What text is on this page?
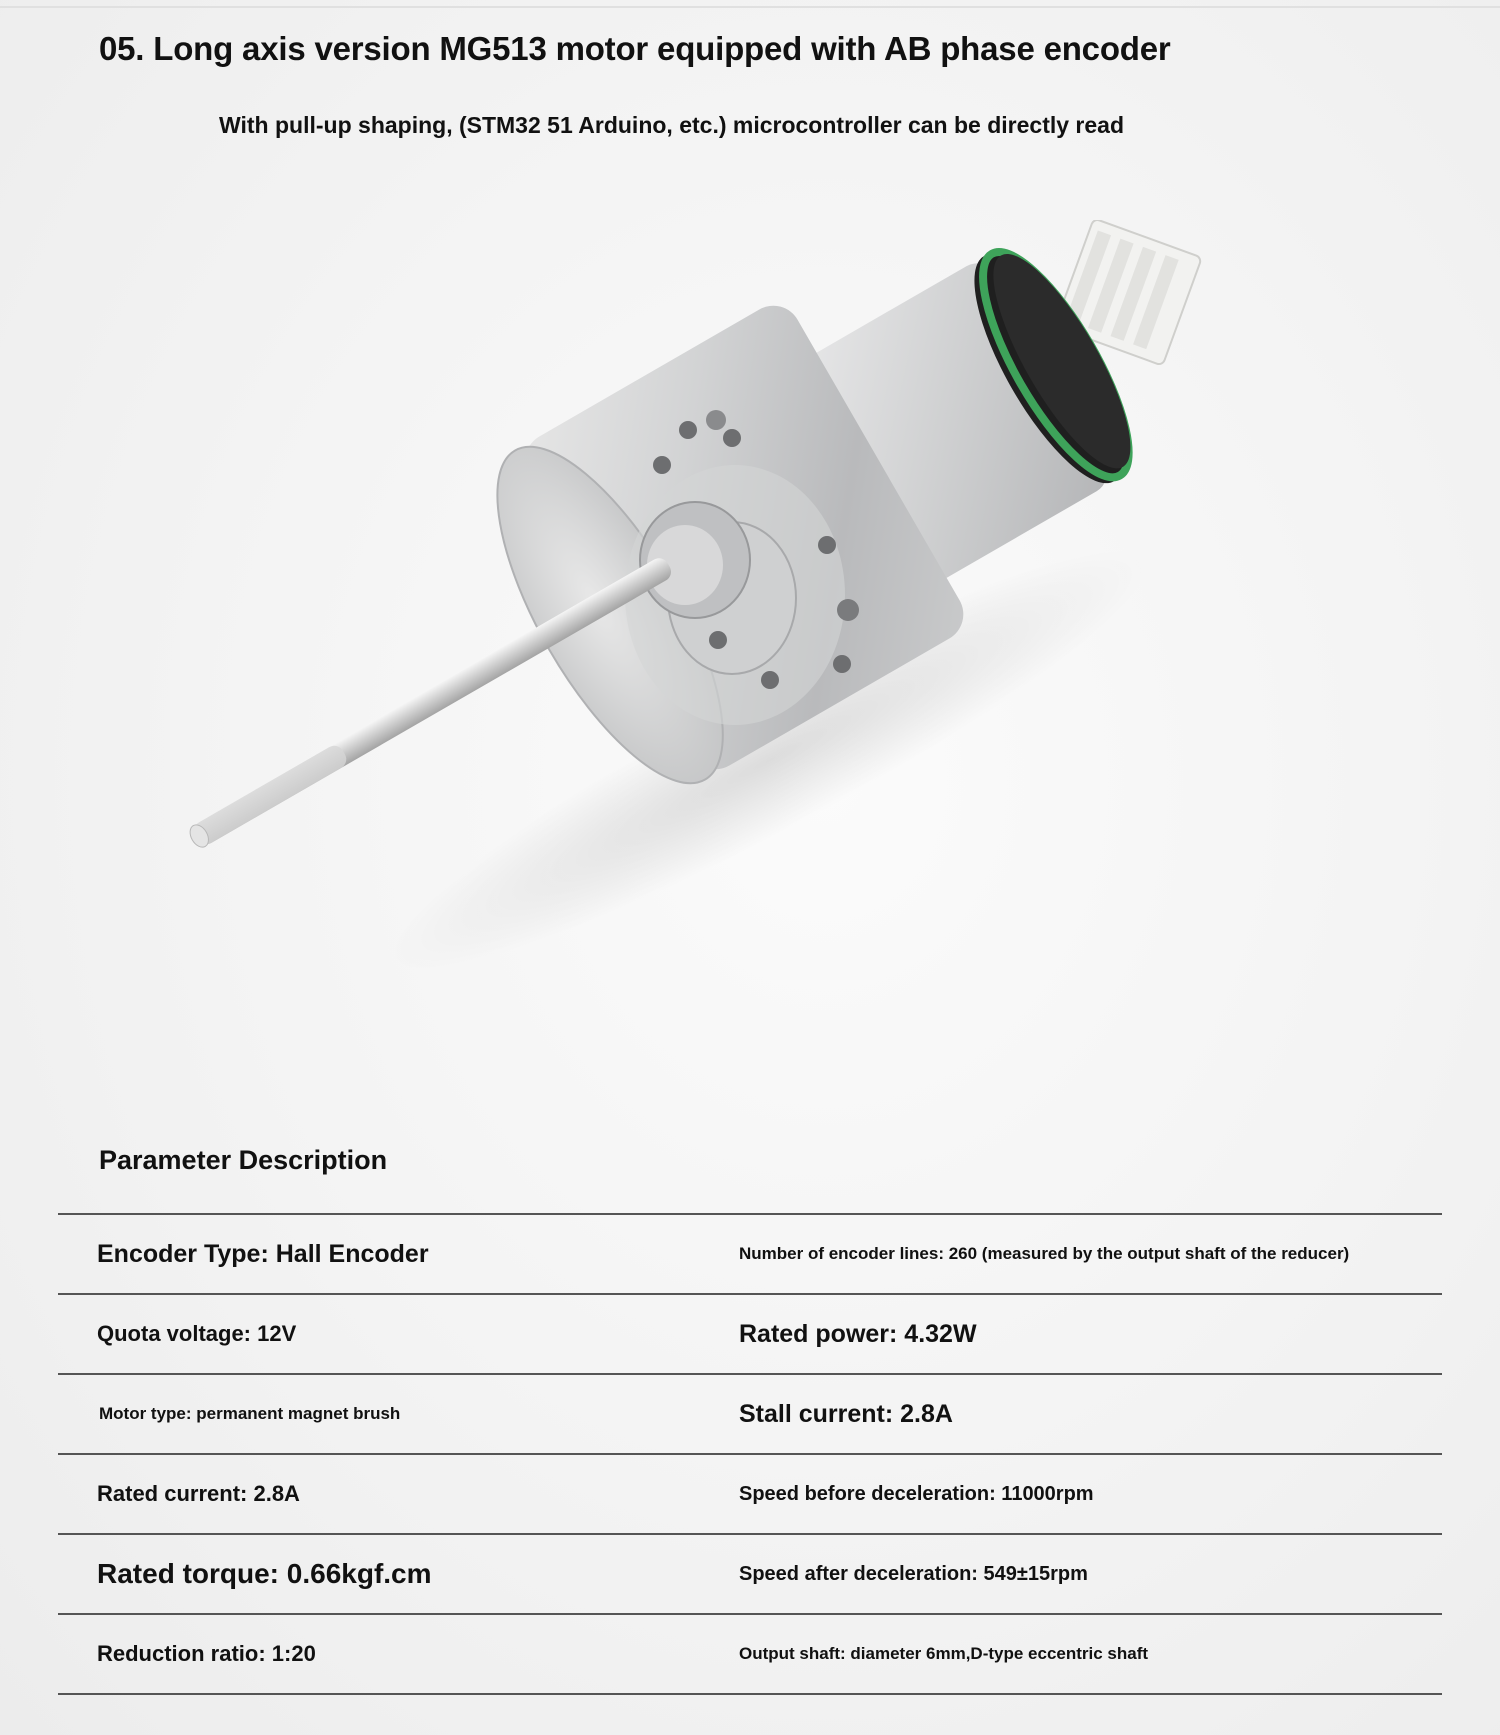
05. Long axis version MG513 motor equipped with AB phase encoder
With pull-up shaping, (STM32 51 Arduino, etc.) microcontroller can be directly read
Parameter Description
Encoder Type: Hall Encoder	Number of encoder lines: 260 (measured by the output shaft of the reducer)
Quota voltage: 12V	Rated power: 4.32W
Motor type: permanent magnet brush	Stall current: 2.8A
Rated current: 2.8A	Speed before deceleration: 11000rpm
Rated torque: 0.66kgf.cm	Speed after deceleration: 549±15rpm
Reduction ratio: 1:20	Output shaft: diameter 6mm,D-type eccentric shaft
